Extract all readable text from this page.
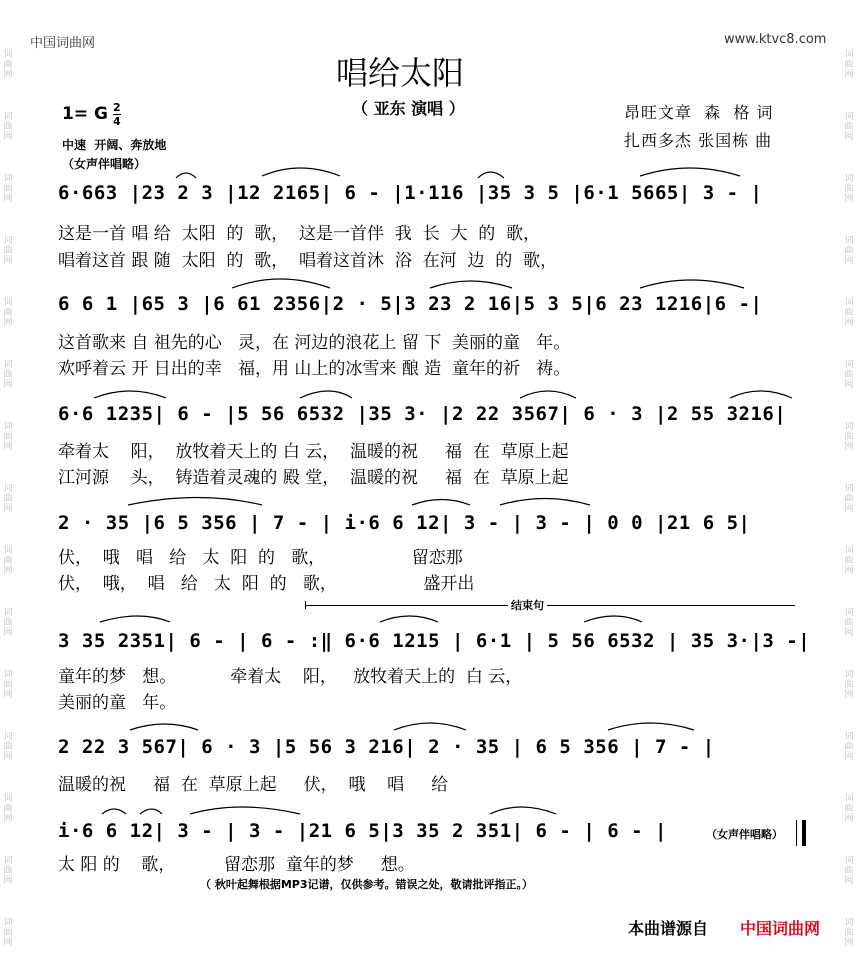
中国词曲网	www.ktvc8.com
唱给太阳
（ 亚东 演唱 ）
1= G 2
4
中速  开阔、奔放地
（女声伴唱略）
昂旺文章  森  格 词
扎西多杰 张国栋 曲
6·663 |23 2 3 |12 2165| 6 - |1·116 |35 3 5 |6·1 5665| 3 - |
这是一首 唱 给  太阳  的  歌，  这是一首伴  我  长  大  的  歌，
唱着这首 跟 随  太阳  的  歌，  唱着这首沐  浴  在河  边  的  歌，
6 6 1 |65 3 |6 61 2356|2 · 5|3 23 2 16|5 3 5|6 23 1216|6 -|
这首歌来 自 祖先的心   灵，在 河边的浪花上 留 下  美丽的童   年。
欢呼着云 开 日出的幸   福，用 山上的冰雪来 酿 造  童年的祈   祷。
6·6 1235| 6 - |5 56 6532 |35 3· |2 22 3567| 6 · 3 |2 55 3216|
牵着太    阳，  放牧着天上的 白 云，  温暖的祝     福  在  草原上起
江河源    头，  铸造着灵魂的 殿 堂，  温暖的祝     福  在  草原上起
2 · 35 |6 5 356 | 7 - | i·6 6 12| 3 - | 3 - | 0 0 |21 6 5|
伏，  哦   唱   给   太  阳  的   歌，                留恋那
伏，  哦，  唱   给   太  阳  的   歌，                盛开出
结束句
3 35 2351| 6 - | 6 - :‖ 6·6 1215 | 6·1 | 5 56 6532 | 35 3·|3 -|
童年的梦   想。          牵着太    阳，   放牧着天上的  白 云，
美丽的童   年。
2 22 3 567| 6 · 3 |5 56 3 216| 2 · 35 | 6 5 356 | 7 - |
温暖的祝     福  在  草原上起     伏，  哦    唱     给
i·6 6 12| 3 - | 3 - |21 6 5|3 35 2 351| 6 - | 6 - |	（女声伴唱略）
太 阳 的    歌，         留恋那  童年的梦     想。
（ 秋叶起舞根据MP3记谱，仅供参考。错误之处，敬请批评指正。）
本曲谱源自 中国词曲网
词
曲
网
词
曲
网
词
曲
网
词
曲
网
词
曲
网
词
曲
网
词
曲
网
词
曲
网
词
曲
网
词
曲
网
词
曲
网
词
曲
网
词
曲
网
词
曲
网
词
曲
网
词
曲
网
词
曲
网
词
曲
网
词
曲
网
词
曲
网
词
曲
网
词
曲
网
词
曲
网
词
曲
网
词
曲
网
词
曲
网
词
曲
网
词
曲
网
词
曲
网
词
曲
网
